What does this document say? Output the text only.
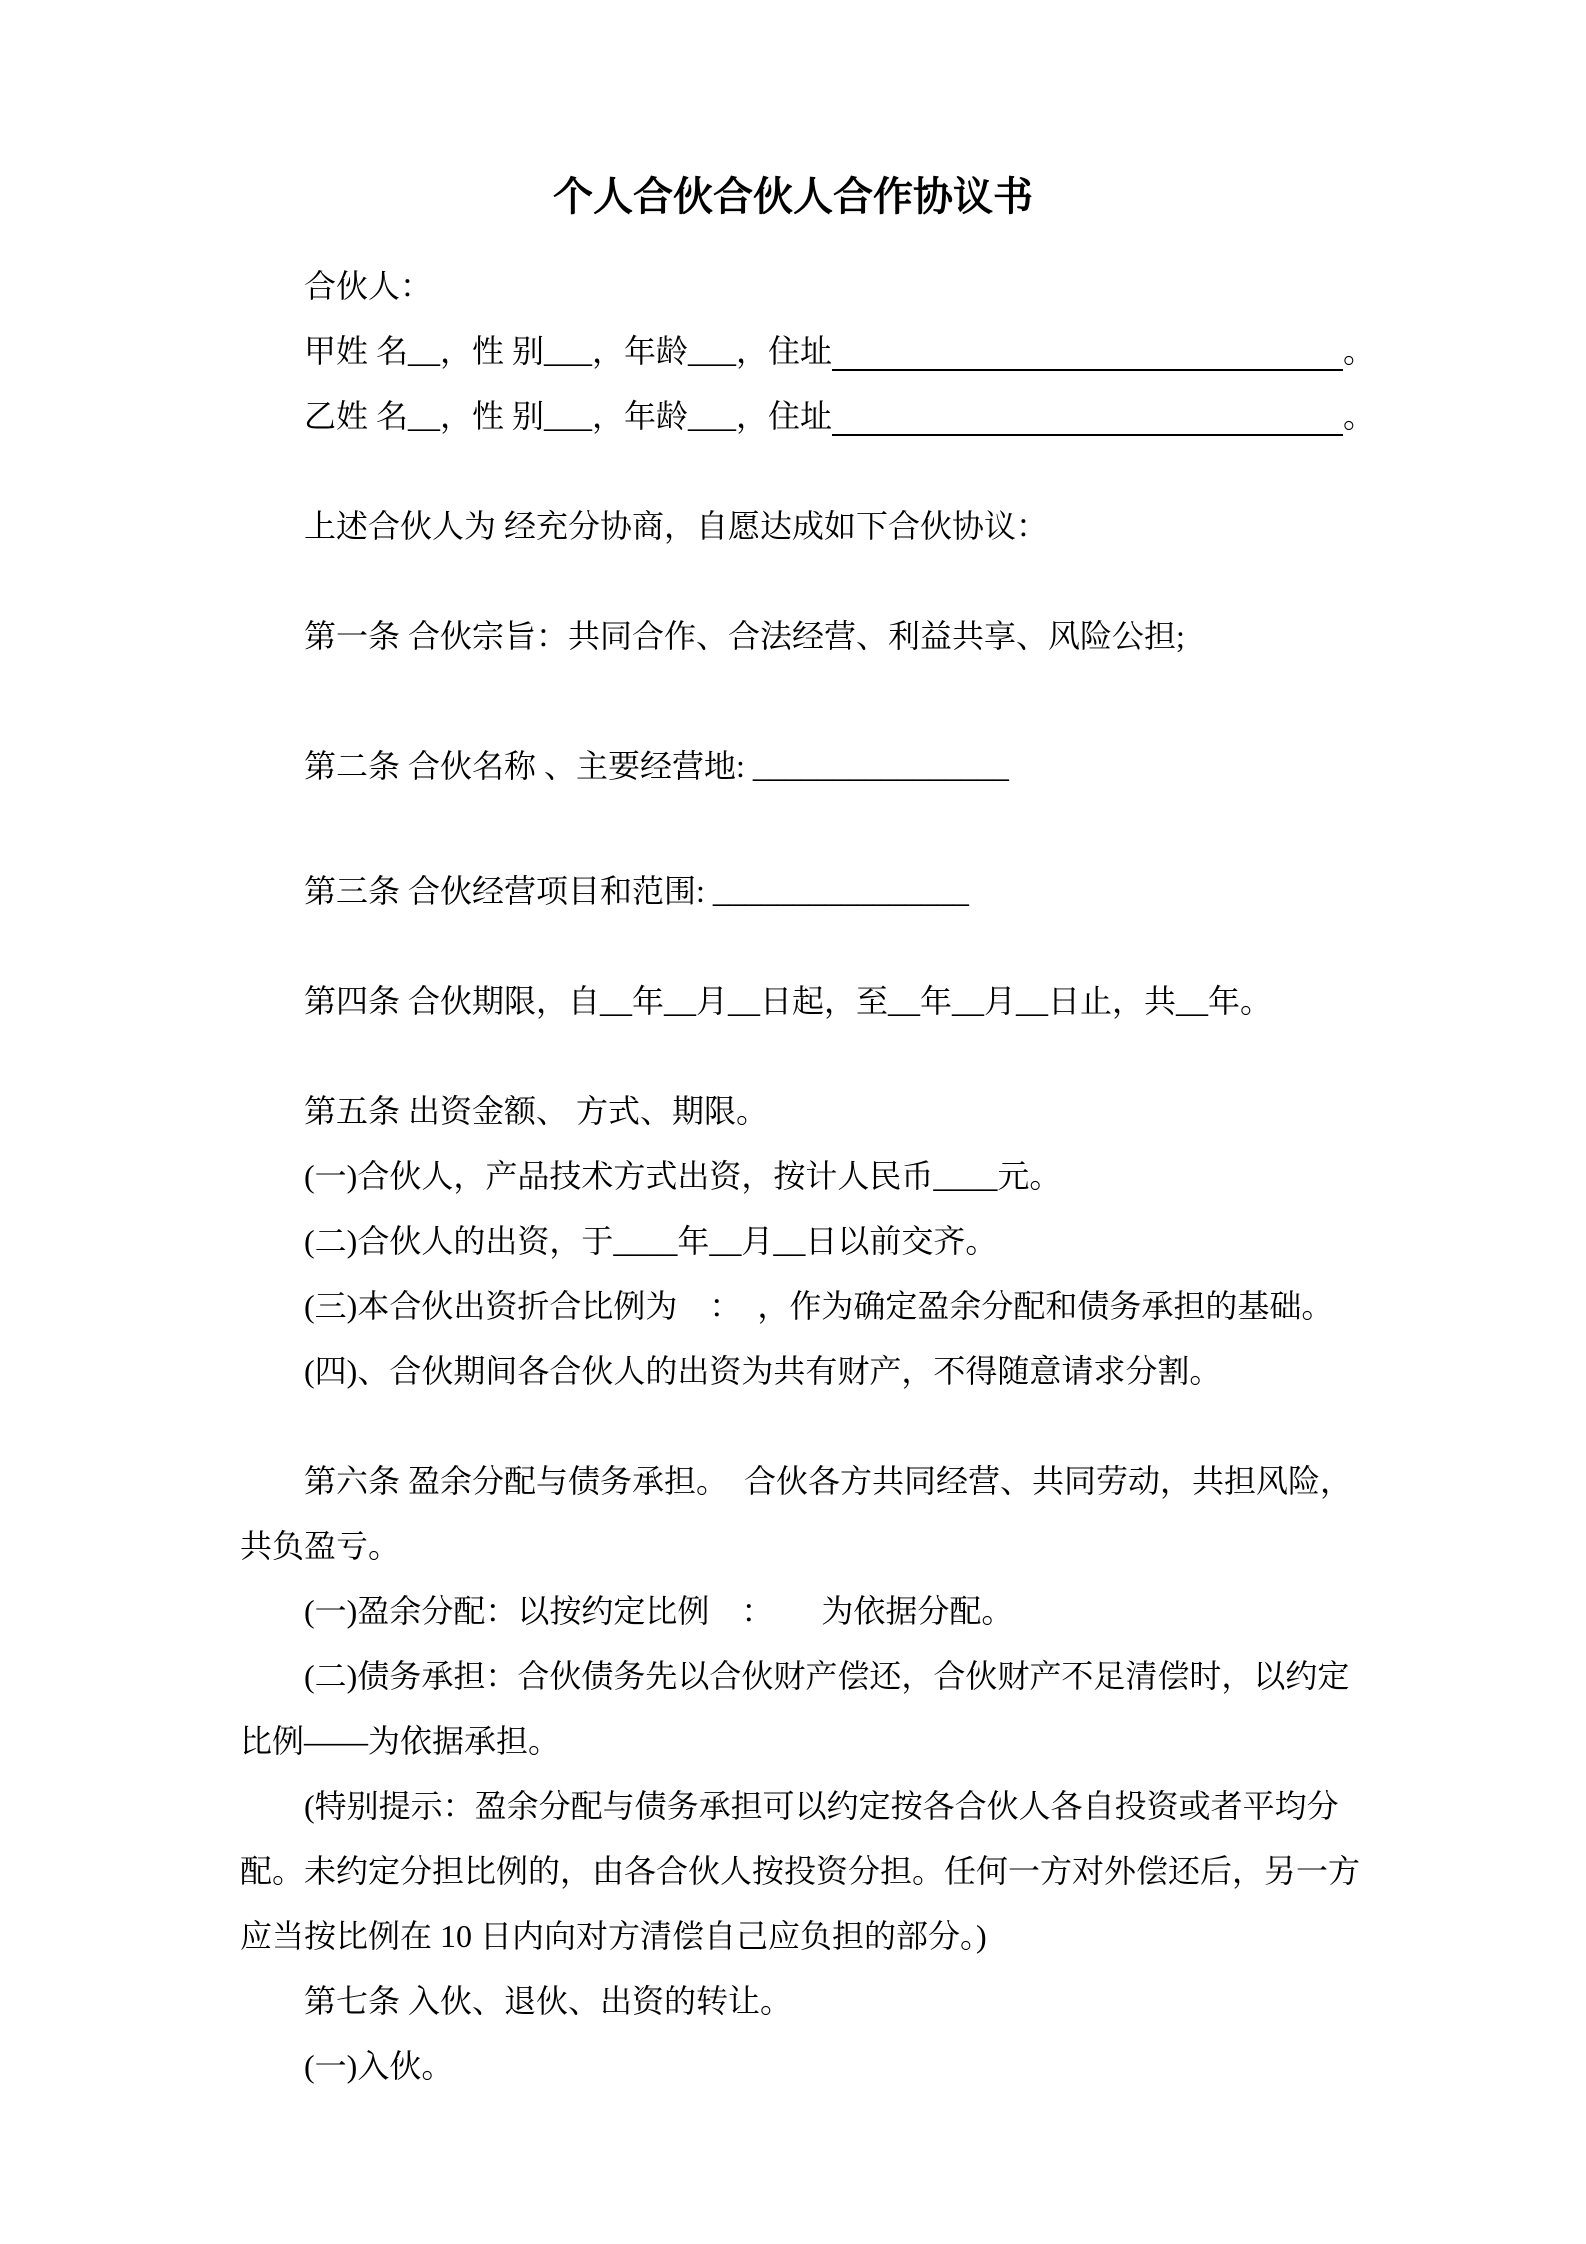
个人合伙合伙人合作协议书
合伙人：
甲姓 名__，性 别___，年龄___，住址	。
乙姓 名__，性 别___，年龄___，住址	。
上述合伙人为 经充分协商，自愿达成如下合伙协议：
第一条 合伙宗旨：共同合作、合法经营、利益共享、风险公担;
第二条 合伙名称 、主要经营地: ________________
第三条 合伙经营项目和范围: ________________
第四条 合伙期限，自__年__月__日起，至__年__月__日止，共__年。
第五条 出资金额、 方式、期限。
(一)合伙人，产品技术方式出资，按计人民币____元。
(二)合伙人的出资，于____年__月__日以前交齐。
(三)本合伙出资折合比例为　：　，作为确定盈余分配和债务承担的基础。
(四)、合伙期间各合伙人的出资为共有财产，不得随意请求分割。
第六条 盈余分配与债务承担。　合伙各方共同经营、共同劳动，共担风险，
共负盈亏。
(一)盈余分配：以按约定比例　：　　为依据分配。
(二)债务承担：合伙债务先以合伙财产偿还，合伙财产不足清偿时，以约定
比例——为依据承担。
(特别提示：盈余分配与债务承担可以约定按各合伙人各自投资或者平均分
配。未约定分担比例的，由各合伙人按投资分担。任何一方对外偿还后，另一方
应当按比例在 10 日内向对方清偿自己应负担的部分。)
第七条 入伙、退伙、出资的转让。
(一)入伙。
